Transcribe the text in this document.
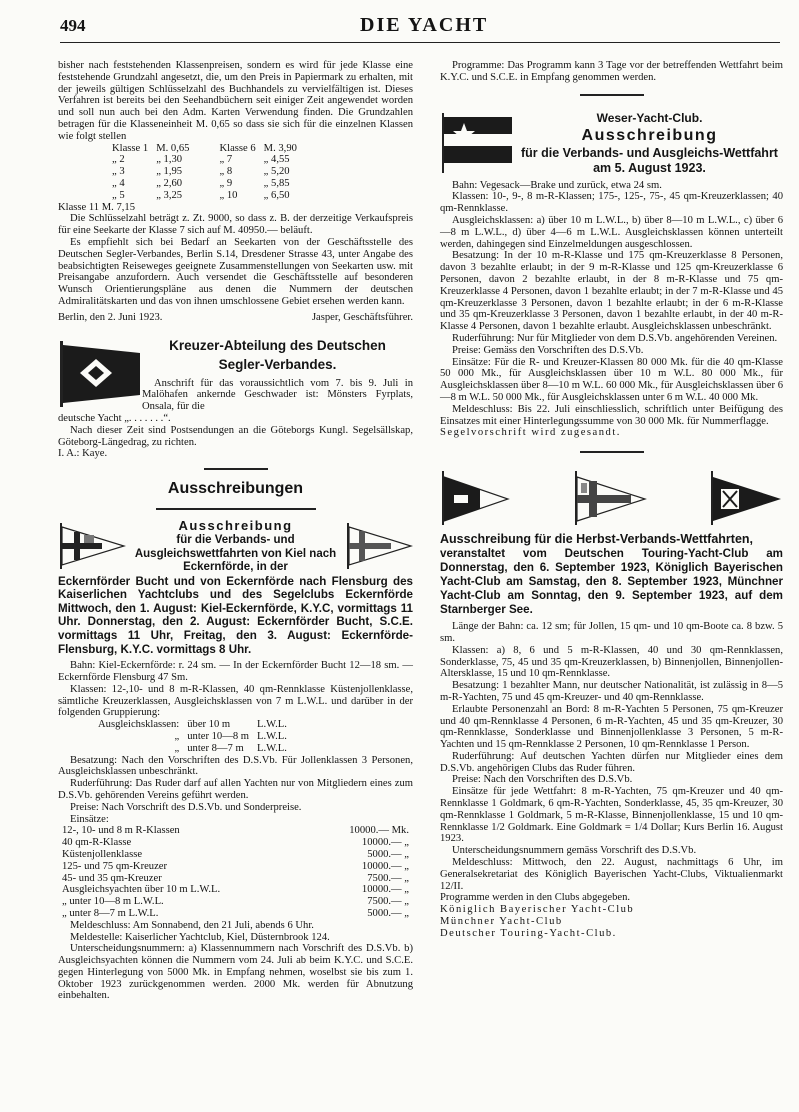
494	DIE YACHT

bisher nach feststehenden Klassenpreisen, sondern es wird für jede Klasse eine feststehende Grundzahl angesetzt, die, um den Preis in Papiermark zu erhalten, mit der jeweils gültigen Schlüsselzahl des Buchhandels zu vervielfältigen ist. Dieses Verfahren ist bereits bei den Seehandbüchern seit einiger Zeit angewendet worden und soll nun auch bei den Adm. Karten Verwendung finden. Die Grundzahlen betragen für die Klasseneinheit M. 0,65 so dass sie sich für die einzelnen Klassen wie folgt stellen

Klasse 1	M. 0,65	Klasse 6	M. 3,90
„ 2	„ 1,30	„ 7	„ 4,55
„ 3	„ 1,95	„ 8	„ 5,20
„ 4	„ 2,60	„ 9	„ 5,85
„ 5	„ 3,25	„ 10	„ 6,50

Klasse 11 M. 7,15

Die Schlüsselzahl beträgt z. Zt. 9000, so dass z. B. der derzeitige Verkaufspreis für eine Seekarte der Klasse 7 sich auf M. 40950.— beläuft.

Es empfiehlt sich bei Bedarf an Seekarten von der Geschäftsstelle des Deutschen Segler-Verbandes, Berlin S.14, Dresdener Strasse 43, unter Angabe des beabsichtigten Reiseweges geeignete Zusammenstellungen von Seekarten usw. mit Preisangabe anzufordern. Auch versendet die Geschäftsstelle auf besonderen Wunsch Orientierungspläne aus denen die Nummern der deutschen Admiralitätskarten und das von ihnen umschlossene Gebiet ersehen werden kann.

Berlin, den 2. Juni 1923.	Jasper, Geschäftsführer.
Kreuzer-Abteilung des Deutschen
Segler-Verbandes.

Anschrift für das voraussichtlich vom 7. bis 9. Juli in Malöhafen ankernde Geschwader ist: Mönsters Fyrplats, Onsala, für die

deutsche Yacht „. . . . . . .“.

Nach dieser Zeit sind Postsendungen an die Göteborgs Kungl. Segelsällskap, Göteborg-Längedrag, zu richten.

I. A.: Kaye.

Ausschreibungen
Ausschreibung
für die Verbands- und Ausgleichswettfahrten von Kiel nach Eckernförde, in der
Eckernförder Bucht und von Eckernförde nach Flensburg des Kaiserlichen Yachtclubs und des Segelclubs Eckernförde Mittwoch, den 1. August: Kiel-Eckernförde, K.Y.C, vormittags 11 Uhr. Donnerstag, den 2. August: Eckernförder Bucht, S.C.E. vormittags 11 Uhr, Freitag, den 3. August: Eckernförde-Flensburg, K.Y.C. vormittags 8 Uhr.

Bahn: Kiel-Eckernförde: r. 24 sm. — In der Eckernförder Bucht 12—18 sm. — Eckernförde Flensburg 47 Sm.

Klassen: 12-,10- und 8 m-R-Klassen, 40 qm-Rennklasse Küstenjollenklasse, sämtliche Kreuzerklassen, Ausgleichsklassen von 7 m L.W.L. und darüber in der folgenden Gruppierung:

Ausgleichsklassen:	über 10 m	L.W.L.
„	unter 10—8 m	L.W.L.
„	unter 8—7 m	L.W.L.

Besatzung: Nach den Vorschriften des D.S.Vb. Für Jollenklassen 3 Personen, Ausgleichsklassen unbeschränkt.

Ruderführung: Das Ruder darf auf allen Yachten nur von Mitgliedern eines zum D.S.Vb. gehörenden Vereins geführt werden.

Preise: Nach Vorschrift des D.S.Vb. und Sonderpreise.

Einsätze:

12-, 10- und 8 m R-Klassen	10000.— Mk.
40 qm-R-Klasse	10000.— „
Küstenjollenklasse	5000.— „
125- und 75 qm-Kreuzer	10000.— „
45- und 35 qm-Kreuzer	7500.— „
Ausgleichsyachten über 10 m L.W.L.	10000.— „
„ unter 10—8 m L.W.L.	7500.— „
„ unter 8—7 m L.W.L.	5000.— „

Meldeschluss: Am Sonnabend, den 21 Juli, abends 6 Uhr.

Meldestelle: Kaiserlicher Yachtclub, Kiel, Düsternbrook 124.

Unterscheidungsnummern: a) Klassennummern nach Vorschrift des D.S.Vb. b) Ausgleichsyachten können die Nummern vom 24. Juli ab beim K.Y.C. und S.C.E. gegen Hinterlegung von 5000 Mk. in Empfang nehmen, woselbst sie bis zum 1. Oktober 1923 zurückgenommen werden. 2000 Mk. werden für Abnutzung einbehalten.

Programme: Das Programm kann 3 Tage vor der betreffenden Wettfahrt beim K.Y.C. und S.C.E. in Empfang genommen werden.

Weser-Yacht-Club.
Ausschreibung
für die Verbands- und Ausgleichs-Wettfahrt am 5. August 1923.

Bahn: Vegesack—Brake und zurück, etwa 24 sm.

Klassen: 10-, 9-, 8 m-R-Klassen; 175-, 125-, 75-, 45 qm-Kreuzerklassen; 40 qm-Rennklasse.

Ausgleichsklassen: a) über 10 m L.W.L., b) über 8—10 m L.W.L., c) über 6—8 m L.W.L., d) über 4—6 m L.W.L. Ausgleichsklassen können unterteilt werden, dahingegen sind Einzelmeldungen ausgeschlossen.

Besatzung: In der 10 m-R-Klasse und 175 qm-Kreuzerklasse 8 Personen, davon 3 bezahlte erlaubt; in der 9 m-R-Klasse und 125 qm-Kreuzerklasse 6 Personen, davon 2 bezahlte erlaubt, in der 8 m-R-Klasse und 75 qm-Kreuzerklasse 4 Personen, davon 1 bezahlte erlaubt; in der 7 m-R-Klasse und 45 qm-Kreuzerklasse 3 Personen, davon 1 bezahlte erlaubt; in der 6 m-R-Klasse und 35 qm-Kreuzerklasse 3 Personen, davon 1 bezahlte erlaubt, in der 40 m-R-Klasse 4 Personen, davon 1 bezahlte erlaubt. Ausgleichsklassen unbeschränkt.

Ruderführung: Nur für Mitglieder von dem D.S.Vb. angehörenden Vereinen.

Preise: Gemäss den Vorschriften des D.S.Vb.

Einsätze: Für die R- und Kreuzer-Klassen 80 000 Mk. für die 40 qm-Klasse 50 000 Mk., für Ausgleichsklassen über 10 m W.L. 80 000 Mk., für Ausgleichsklassen über 8—10 m W.L. 60 000 Mk., für Ausgleichsklassen über 6—8 m W.L. 50 000 Mk., für Ausgleichsklassen unter 6 m W.L. 40 000 Mk.

Meldeschluss: Bis 22. Juli einschliesslich, schriftlich unter Beifügung des Einsatzes mit einer Hinterlegungssumme von 30 000 Mk. für Nummerflagge.

Segelvorschrift wird zugesandt.

Ausschreibung für die Herbst-Verbands-Wettfahrten,
veranstaltet vom Deutschen Touring-Yacht-Club am Donnerstag, den 6. September 1923, Königlich Bayerischen Yacht-Club am Samstag, den 8. September 1923, Münchner Yacht-Club am Sonntag, den 9. September 1923, auf dem Starnberger See.

Länge der Bahn: ca. 12 sm; für Jollen, 15 qm- und 10 qm-Boote ca. 8 bzw. 5 sm.

Klassen: a) 8, 6 und 5 m-R-Klassen, 40 und 30 qm-Rennklassen, Sonderklasse, 75, 45 und 35 qm-Kreuzerklassen, b) Binnenjollen, Binnenjollen-Altersklasse, 15 und 10 qm-Rennklasse.

Besatzung: 1 bezahlter Mann, nur deutscher Nationalität, ist zulässig in 8—5 m-R-Yachten, 75 und 45 qm-Kreuzer- und 40 qm-Rennklasse.

Erlaubte Personenzahl an Bord: 8 m-R-Yachten 5 Personen, 75 qm-Kreuzer und 40 qm-Rennklasse 4 Personen, 6 m-R-Yachten, 45 und 35 qm-Kreuzer, 30 qm-Rennklasse, Sonderklasse und Binnenjollenklasse 3 Personen, 5 m-R-Yachten und 15 qm-Rennklasse 2 Personen, 10 qm-Rennklasse 1 Person.

Ruderführung: Auf deutschen Yachten dürfen nur Mitglieder eines dem D.S.Vb. angehörigen Clubs das Ruder führen.

Preise: Nach den Vorschriften des D.S.Vb.

Einsätze für jede Wettfahrt: 8 m-R-Yachten, 75 qm-Kreuzer und 40 qm-Rennklasse 1 Goldmark, 6 qm-R-Yachten, Sonderklasse, 45, 35 qm-Kreuzer, 30 qm-Rennklasse 1 Goldmark, 5 m-R-Klasse, Binnenjollenklasse, 15 und 10 qm-Rennklasse 1/2 Goldmark. Eine Goldmark = 1/4 Dollar; Kurs Berlin 16. August 1923.

Unterscheidungsnummern gemäss Vorschrift des D.S.Vb.

Meldeschluss: Mittwoch, den 22. August, nachmittags 6 Uhr, im Generalsekretariat des Königlich Bayerischen Yacht-Clubs, Viktualienmarkt 12/II.

Programme werden in den Clubs abgegeben.

Königlich Bayerischer Yacht-Club

Münchner Yacht-Club

Deutscher Touring-Yacht-Club.
